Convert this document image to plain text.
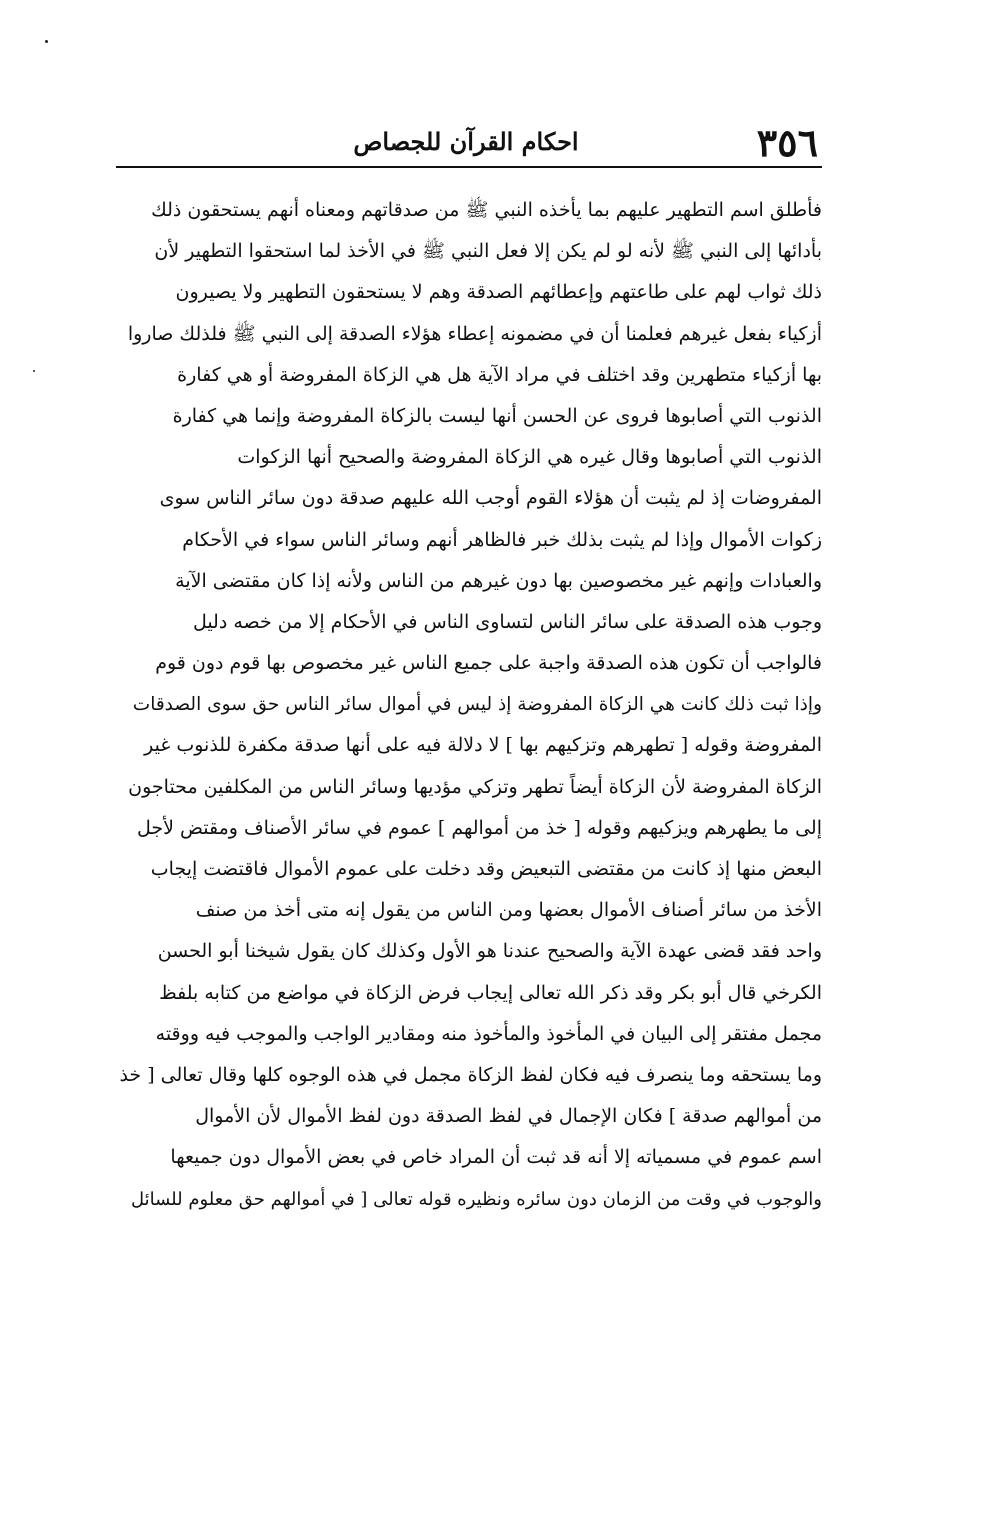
٣٥٦
احكام القرآن للجصاص
فأطلق اسم التطهير عليهم بما يأخذه النبي ﷺ من صدقاتهم ومعناه أنهم يستحقون ذلك
بأدائها إلى النبي ﷺ لأنه لو لم يكن إلا فعل النبي ﷺ في الأخذ لما استحقوا التطهير لأن
ذلك ثواب لهم على طاعتهم وإعطائهم الصدقة وهم لا يستحقون التطهير ولا يصيرون
أزكياء بفعل غيرهم فعلمنا أن في مضمونه إعطاء هؤلاء الصدقة إلى النبي ﷺ فلذلك صاروا
بها أزكياء متطهرين وقد اختلف في مراد الآية هل هي الزكاة المفروضة أو هي كفارة
الذنوب التي أصابوها فروى عن الحسن أنها ليست بالزكاة المفروضة وإنما هي كفارة
الذنوب التي أصابوها وقال غيره هي الزكاة المفروضة والصحيح أنها الزكوات
المفروضات إذ لم يثبت أن هؤلاء القوم أوجب الله عليهم صدقة دون سائر الناس سوى
زكوات الأموال وإذا لم يثبت بذلك خبر فالظاهر أنهم وسائر الناس سواء في الأحكام
والعبادات وإنهم غير مخصوصين بها دون غيرهم من الناس ولأنه إذا كان مقتضى الآية
وجوب هذه الصدقة على سائر الناس لتساوى الناس في الأحكام إلا من خصه دليل
فالواجب أن تكون هذه الصدقة واجبة على جميع الناس غير مخصوص بها قوم دون قوم
وإذا ثبت ذلك كانت هي الزكاة المفروضة إذ ليس في أموال سائر الناس حق سوى الصدقات
المفروضة وقوله [ تطهرهم وتزكيهم بها ] لا دلالة فيه على أنها صدقة مكفرة للذنوب غير
الزكاة المفروضة لأن الزكاة أيضاً تطهر وتزكي مؤديها وسائر الناس من المكلفين محتاجون
إلى ما يطهرهم ويزكيهم وقوله [ خذ من أموالهم ] عموم في سائر الأصناف ومقتض لأجل
البعض منها إذ كانت من مقتضى التبعيض وقد دخلت على عموم الأموال فاقتضت إيجاب
الأخذ من سائر أصناف الأموال بعضها ومن الناس من يقول إنه متى أخذ من صنف
واحد فقد قضى عهدة الآية والصحيح عندنا هو الأول وكذلك كان يقول شيخنا أبو الحسن
الكرخي قال أبو بكر وقد ذكر الله تعالى إيجاب فرض الزكاة في مواضع من كتابه بلفظ
مجمل مفتقر إلى البيان في المأخوذ والمأخوذ منه ومقادير الواجب والموجب فيه ووقته
وما يستحقه وما ينصرف فيه فكان لفظ الزكاة مجمل في هذه الوجوه كلها وقال تعالى [ خذ
من أموالهم صدقة ] فكان الإجمال في لفظ الصدقة دون لفظ الأموال لأن الأموال
اسم عموم في مسمياته إلا أنه قد ثبت أن المراد خاص في بعض الأموال دون جميعها
والوجوب في وقت من الزمان دون سائره ونظيره قوله تعالى [ في أموالهم حق معلوم للسائل
